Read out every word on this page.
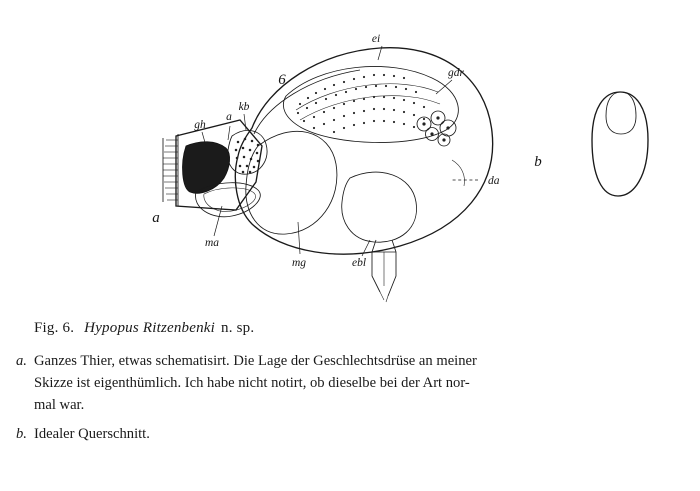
ei
gdr
kb
gh
a
da
ma
mg	ebl
a
b
6
Fig. 6. Hypopus Ritzenbenki n. sp.
a. Ganzes Thier, etwas schematisirt. Die Lage der Geschlechtsdrüse an meiner
Skizze ist eigenthümlich. Ich habe nicht notirt, ob dieselbe bei der Art nor-
mal war.
b. Idealer Querschnitt.
